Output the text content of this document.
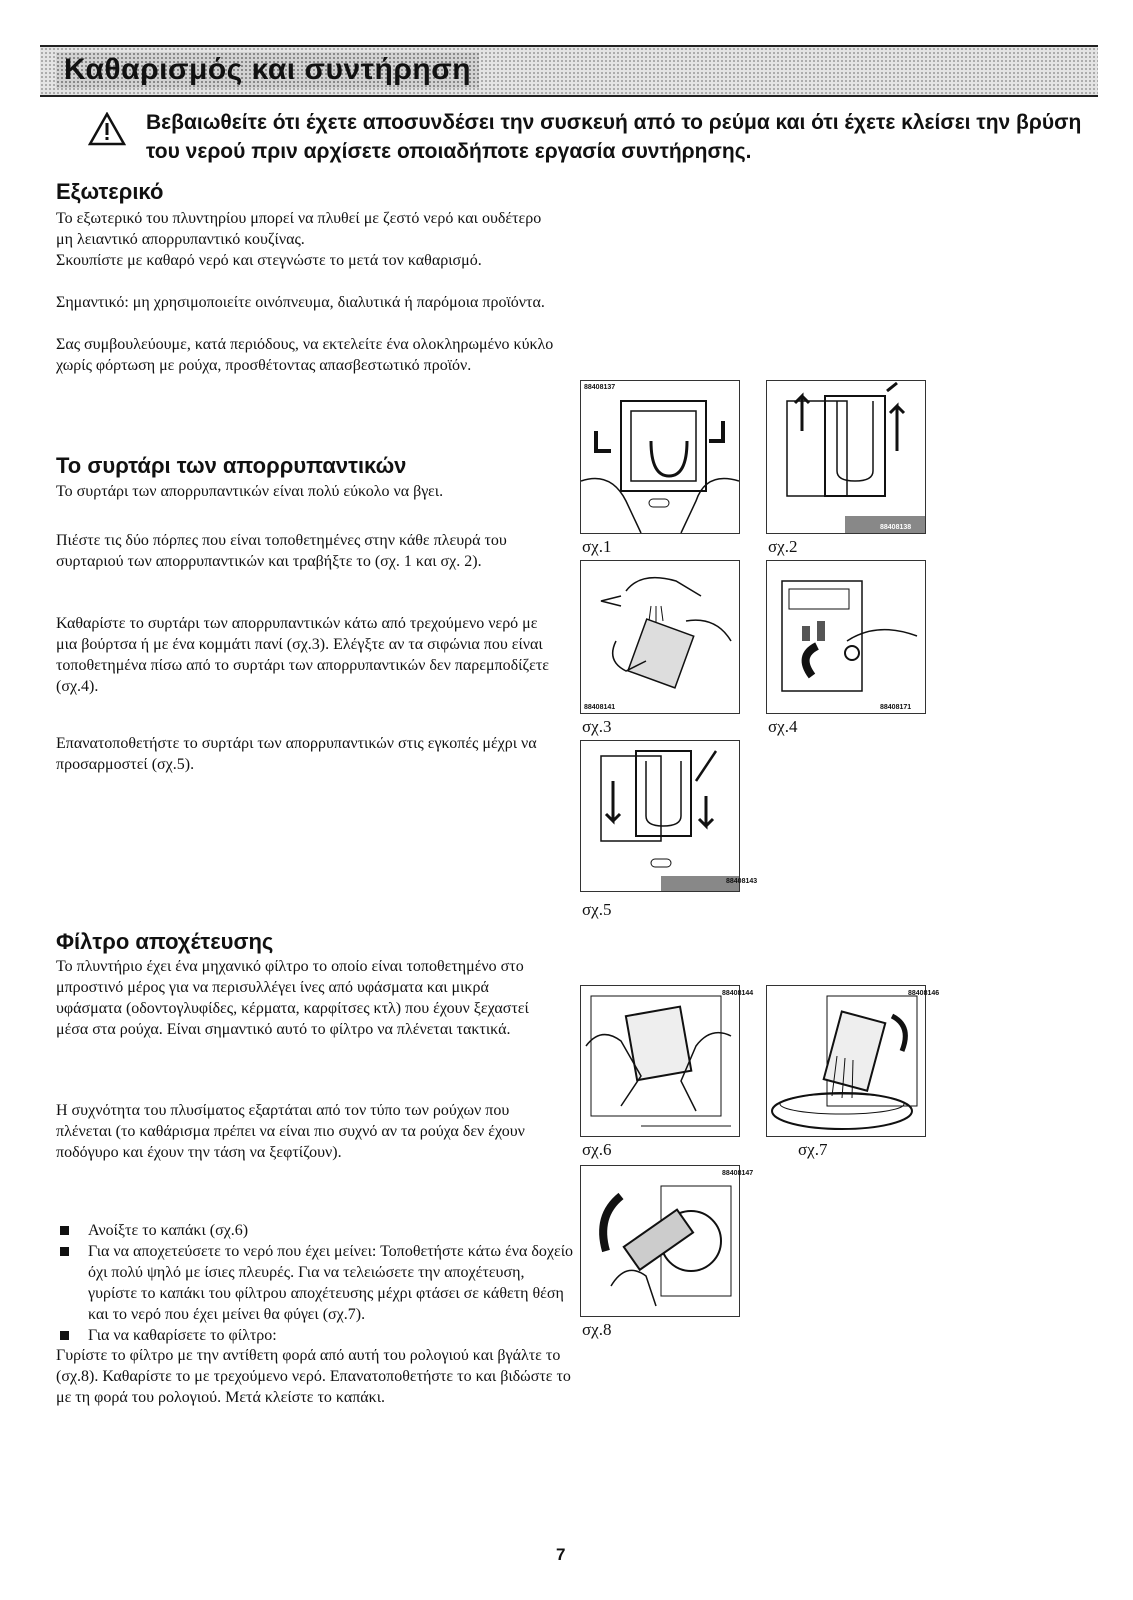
Καθαρισμός και συντήρηση
Βεβαιωθείτε ότι έχετε αποσυνδέσει την συσκευή από το ρεύμα και ότι έχετε κλείσει την βρύση του νερού πριν αρχίσετε οποιαδήποτε εργασία συντήρησης.
Εξωτερικό
Το εξωτερικό του πλυντηρίου μπορεί να πλυθεί με ζεστό νερό και ουδέτερο μη λειαντικό απορρυπαντικό κουζίνας.
Σκουπίστε με καθαρό νερό και στεγνώστε το μετά τον καθαρισμό.
Σημαντικό: μη χρησιμοποιείτε οινόπνευμα, διαλυτικά ή παρόμοια προϊόντα.
Σας συμβουλεύουμε, κατά περιόδους, να εκτελείτε ένα ολοκληρωμένο κύκλο χωρίς φόρτωση με ρούχα, προσθέτοντας απασβεστωτικό προϊόν.
Το συρτάρι των απορρυπαντικών
Το συρτάρι των απορρυπαντικών είναι πολύ εύκολο να βγει.
Πιέστε τις δύο πόρπες που είναι τοποθετημένες στην κάθε πλευρά του συρταριού των απορρυπαντικών και τραβήξτε το (σχ. 1 και σχ. 2).
Καθαρίστε το συρτάρι των απορρυπαντικών κάτω από τρεχούμενο νερό με μια βούρτσα ή με ένα κομμάτι πανί (σχ.3). Ελέγξτε αν τα σιφώνια που είναι τοποθετημένα πίσω από το συρτάρι των απορρυπαντικών δεν παρεμποδίζετε (σχ.4).
Επανατοποθετήστε το συρτάρι των απορρυπαντικών στις εγκοπές μέχρι να προσαρμοστεί (σχ.5).
Φίλτρο αποχέτευσης
Το πλυντήριο έχει ένα μηχανικό φίλτρο το οποίο είναι τοποθετημένο στο μπροστινό μέρος για να περισυλλέγει ίνες από υφάσματα και μικρά υφάσματα (οδοντογλυφίδες, κέρματα, καρφίτσες κτλ) που έχουν ξεχαστεί μέσα στα ρούχα. Είναι σημαντικό αυτό το φίλτρο να πλένεται τακτικά.
Η συχνότητα του πλυσίματος εξαρτάται από τον τύπο των ρούχων που πλένεται (το καθάρισμα πρέπει να είναι πιο συχνό αν τα ρούχα δεν έχουν ποδόγυρο και έχουν την τάση να ξεφτίζουν).
Ανοίξτε το καπάκι (σχ.6)
Για να αποχετεύσετε το νερό που έχει μείνει: Τοποθετήστε κάτω ένα δοχείο όχι πολύ ψηλό με ίσιες πλευρές. Για να τελειώσετε την αποχέτευση, γυρίστε το καπάκι του φίλτρου αποχέτευσης μέχρι φτάσει σε κάθετη θέση και το νερό που έχει μείνει θα φύγει (σχ.7).
Για να καθαρίσετε το φίλτρο:
Γυρίστε το φίλτρο με την αντίθετη φορά από αυτή του ρολογιού και βγάλτε το (σχ.8). Καθαρίστε το με τρεχούμενο νερό. Επανατοποθετήστε το και βιδώστε το με τη φορά του ρολογιού. Μετά κλείστε το καπάκι.
88408137
σχ.1
88408138
σχ.2
88408141
σχ.3
88408171
σχ.4
88408143
σχ.5
88408144
σχ.6
88408146
σχ.7
88408147
σχ.8
7
